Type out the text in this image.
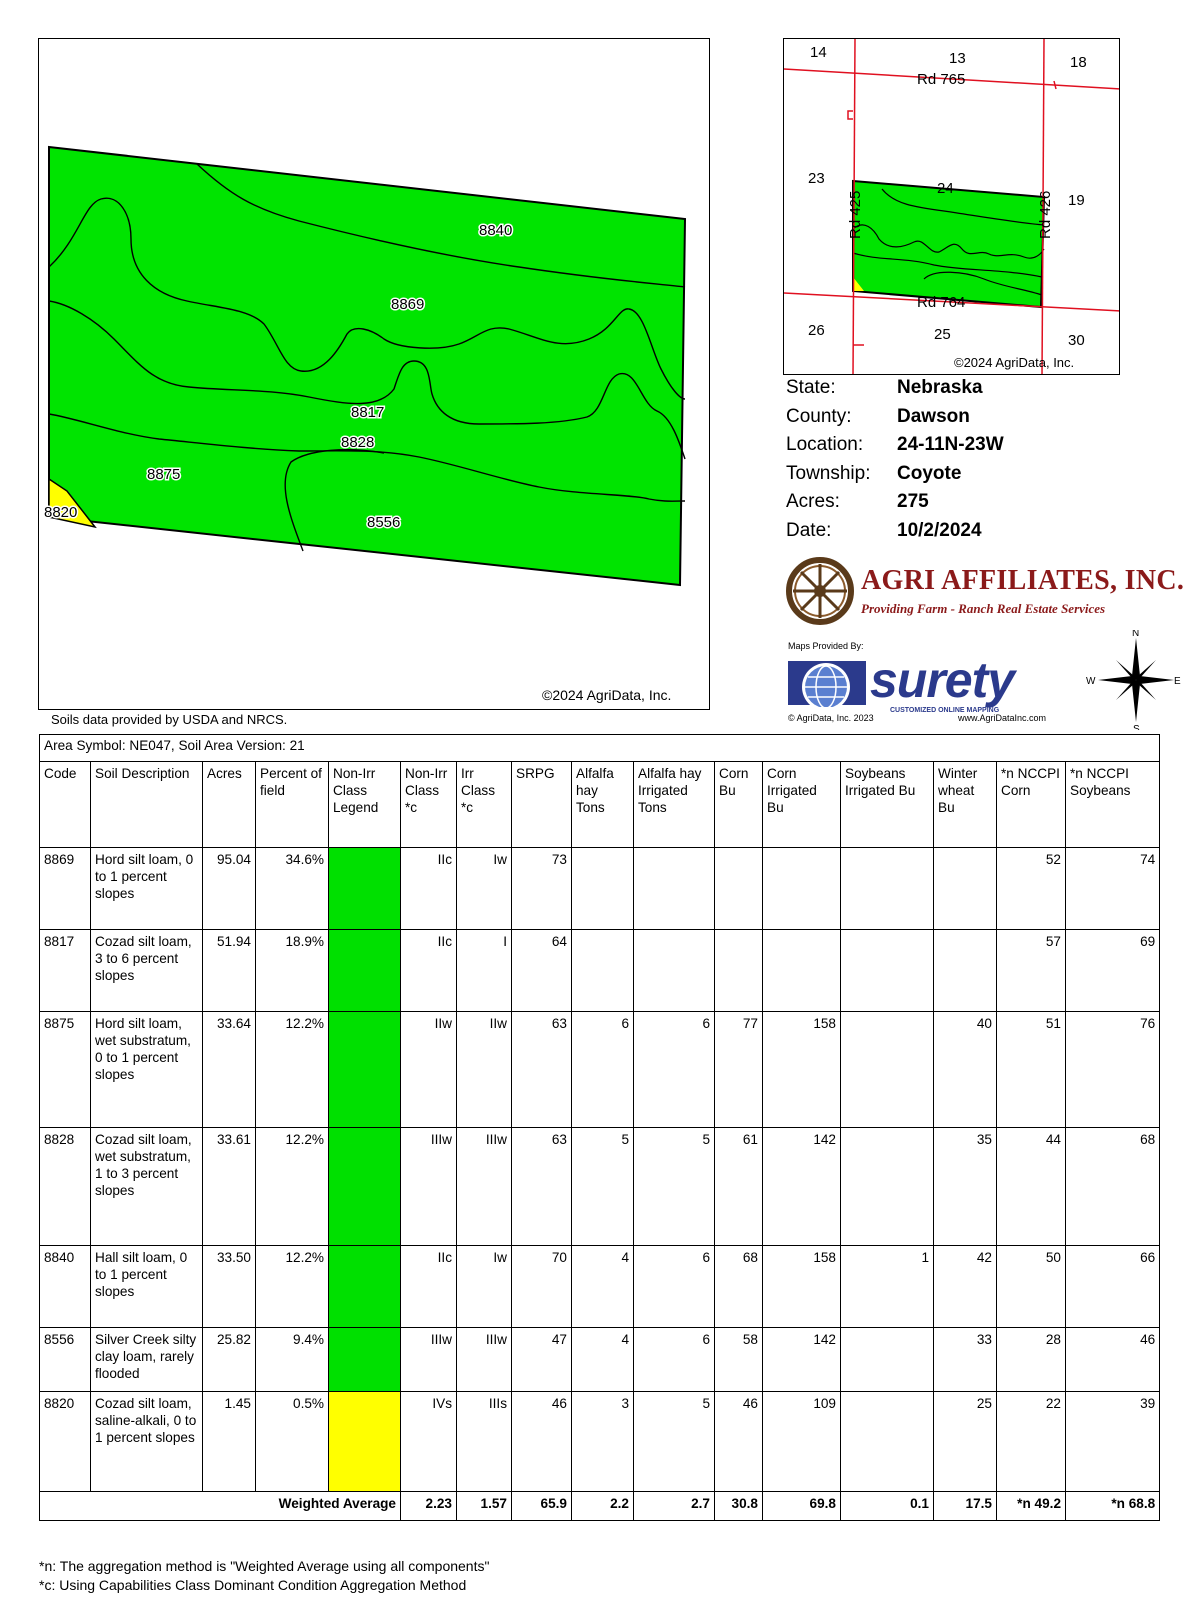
8840
8869
8817
8828
8875
8820
8556
©2024 AgriData, Inc.
14	13	18
23
24
19
26	25	30
Rd 765
Rd 425	Rd 426
Rd 764
©2024 AgriData, Inc.
State:	Nebraska
County:	Dawson
Location:	24-11N-23W
Township:	Coyote
Acres:	275
Date:	10/2/2024
AGRI AFFILIATES, INC.
Providing Farm - Ranch Real Estate Services
Maps Provided By:
surety
CUSTOMIZED ONLINE MAPPING
© AgriData, Inc. 2023	www.AgriDataInc.com
N
S
E
W
Soils data provided by USDA and NRCS.
Area Symbol: NE047, Soil Area Version: 21															
Code	Soil Description	Acres	Percent of field	Non-Irr Class Legend	Non-Irr Class *c	Irr Class *c	SRPG	Alfalfa hay Tons	Alfalfa hay Irrigated Tons	Corn Bu	Corn Irrigated Bu	Soybeans Irrigated Bu	Winter wheat Bu	*n NCCPI Corn	*n NCCPI Soybeans
8869	Hord silt loam, 0 to 1 percent slopes	95.04	34.6%		IIc	Iw	73							52	74
8817	Cozad silt loam, 3 to 6 percent slopes	51.94	18.9%		IIc	I	64							57	69
8875	Hord silt loam, wet substratum, 0 to 1 percent slopes	33.64	12.2%		IIw	IIw	63	6	6	77	158		40	51	76
8828	Cozad silt loam, wet substratum, 1 to 3 percent slopes	33.61	12.2%		IIIw	IIIw	63	5	5	61	142		35	44	68
8840	Hall silt loam, 0 to 1 percent slopes	33.50	12.2%		IIc	Iw	70	4	6	68	158	1	42	50	66
8556	Silver Creek silty clay loam, rarely flooded	25.82	9.4%		IIIw	IIIw	47	4	6	58	142		33	28	46
8820	Cozad silt loam, saline-alkali, 0 to 1 percent slopes	1.45	0.5%		IVs	IIIs	46	3	5	46	109		25	22	39
Weighted Average					2.23	1.57	65.9	2.2	2.7	30.8	69.8	0.1	17.5	*n 49.2	*n 68.8
*n: The aggregation method is "Weighted Average using all components"
*c: Using Capabilities Class Dominant Condition Aggregation Method
